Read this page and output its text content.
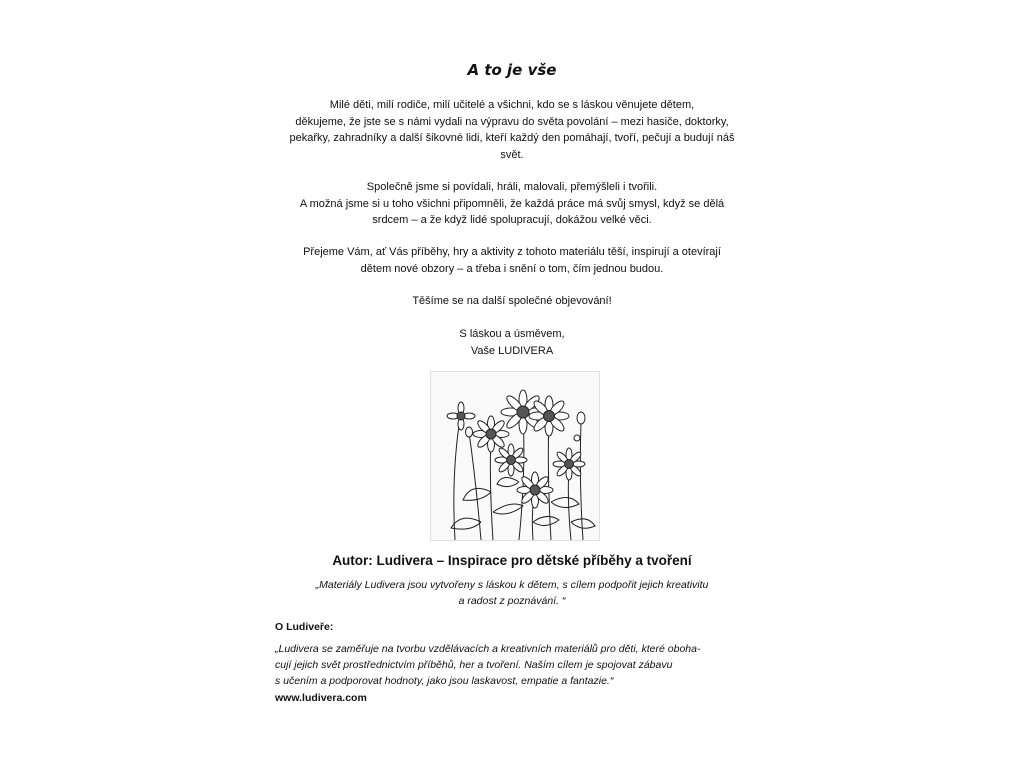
A to je vše
Milé děti, milí rodiče, milí učitelé a všichni, kdo se s láskou věnujete dětem,
děkujeme, že jste se s námi vydali na výpravu do světa povolání – mezi hasiče, doktorky,
pekařky, zahradníky a další šikovné lidi, kteří každý den pomáhají, tvoří, pečují a budují náš
svět.
Společně jsme si povídali, hráli, malovali, přemýšleli i tvořili.
A možná jsme si u toho všichni připomněli, že každá práce má svůj smysl, když se dělá
srdcem – a že když lidé spolupracují, dokážou velké věci.
Přejeme Vám, ať Vás příběhy, hry a aktivity z tohoto materiálu těší, inspirují a otevírají
dětem nové obzory – a třeba i snění o tom, čím jednou budou.
Těšíme se na další společné objevování!
S láskou a úsměvem,
Vaše LUDIVERA
Autor: Ludivera – Inspirace pro dětské příběhy a tvoření
„Materiály Ludivera jsou vytvořeny s láskou k dětem, s cílem podpořit jejich kreativitu
a radost z poznávání. “
O Ludiveře:
„Ludivera se zaměřuje na tvorbu vzdělávacích a kreativních materiálů pro děti, které oboha-
cují jejich svět prostřednictvím příběhů, her a tvoření. Naším cílem je spojovat zábavu
s učením a podporovat hodnoty, jako jsou laskavost, empatie a fantazie.“
www.ludivera.com
